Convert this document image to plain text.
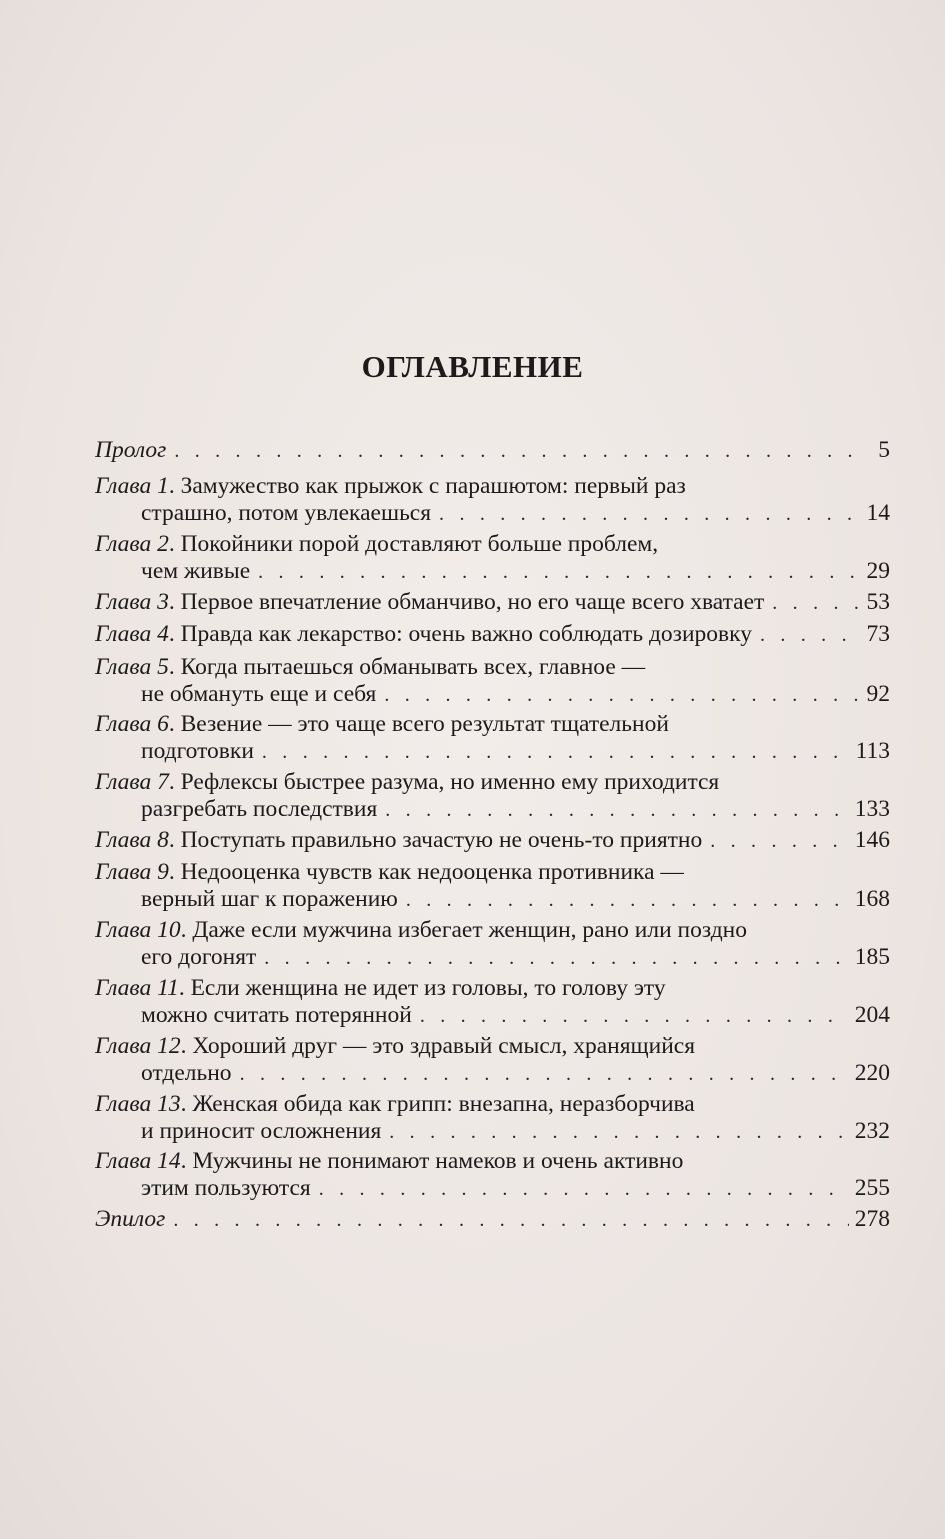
ОГЛАВЛЕНИЕ
Пролог . . .	5
Глава 1 . Замужество как прыжок с парашютом: первый раз
страшно, потом увлекаешься . . .	14
Глава 2 . Покойники порой доставляют больше проблем,
чем живые . . .	29
Глава 3 . Первое впечатление обманчиво, но его чаще всего хватает . . .	53
Глава 4 . Правда как лекарство: очень важно соблюдать дозировку . . .	73
Глава 5 . Когда пытаешься обманывать всех, главное —
не обмануть еще и себя . . .	92
Глава 6 . Везение — это чаще всего результат тщательной
подготовки . . .	113
Глава 7 . Рефлексы быстрее разума, но именно ему приходится
разгребать последствия . . .	133
Глава 8 . Поступать правильно зачастую не очень-то приятно . . .	146
Глава 9 . Недооценка чувств как недооценка противника —
верный шаг к поражению . . .	168
Глава 10 . Даже если мужчина избегает женщин, рано или поздно
его догонят . . .	185
Глава 11 . Если женщина не идет из головы, то голову эту
можно считать потерянной . . .	204
Глава 12 . Хороший друг — это здравый смысл, хранящийся
отдельно . . .	220
Глава 13 . Женская обида как грипп: внезапна, неразборчива
и приносит осложнения . . .	232
Глава 14 . Мужчины не понимают намеков и очень активно
этим пользуются . . .	255
Эпилог . . .	278
